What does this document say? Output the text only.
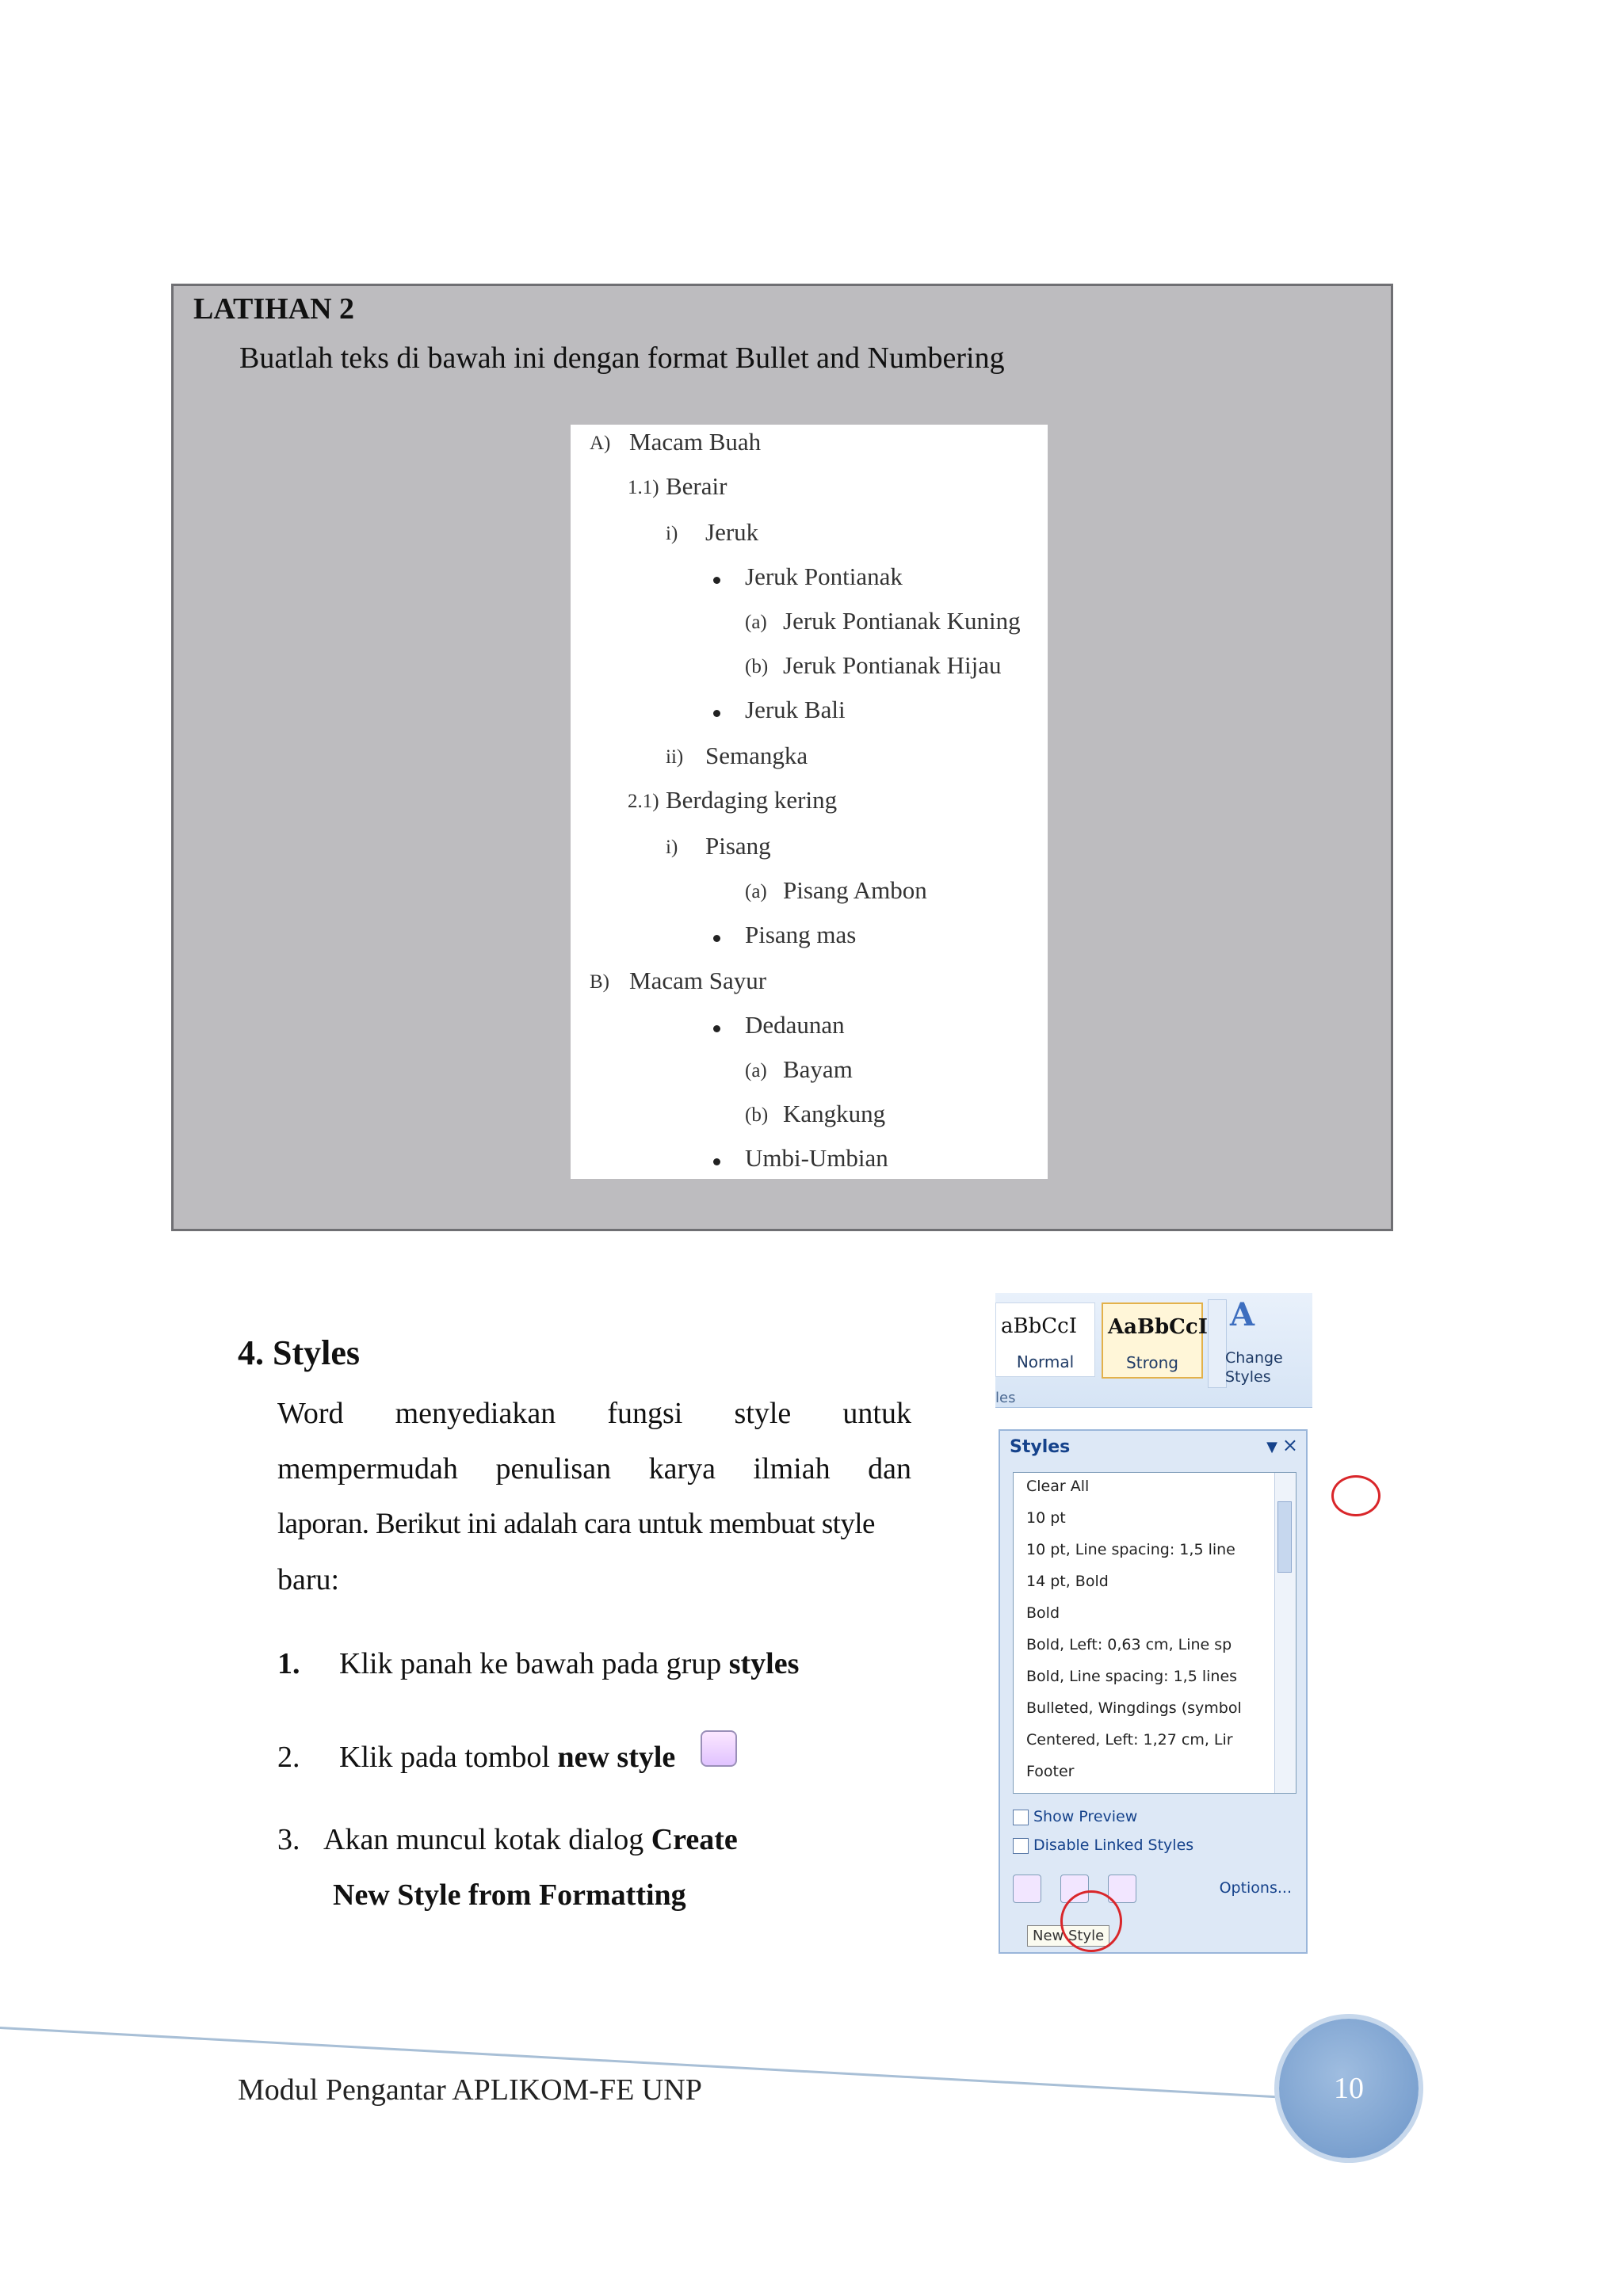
LATIHAN 2
Buatlah teks di bawah ini dengan format Bullet and Numbering
A) Macam Buah
1.1) Berair
i) Jeruk
Jeruk Pontianak
(a) Jeruk Pontianak Kuning
(b) Jeruk Pontianak Hijau
Jeruk Bali
ii) Semangka
2.1) Berdaging kering
i) Pisang
(a) Pisang Ambon
Pisang mas
B) Macam Sayur
Dedaunan
(a) Bayam
(b) Kangkung
Umbi-Umbian
4. Styles
Word menyediakan fungsi style untuk
mempermudah penulisan karya ilmiah dan
laporan. Berikut ini adalah cara untuk membuat style
baru:
1. Klik panah ke bawah pada grup styles
2. Klik pada tombol new style
3. Akan muncul kotak dialog Create
New Style from Formatting
aBbCcI
Normal
AaBbCcI
Strong
A
Change Styles
les
Styles	▼ ×
Clear All
10 pt
10 pt, Line spacing: 1,5 line
14 pt, Bold
Bold
Bold, Left: 0,63 cm, Line sp
Bold, Line spacing: 1,5 lines
Bulleted, Wingdings (symbol
Centered, Left: 1,27 cm, Lir
Footer
Show Preview
Disable Linked Styles
Options...
New Style
Modul Pengantar APLIKOM-FE UNP	10
